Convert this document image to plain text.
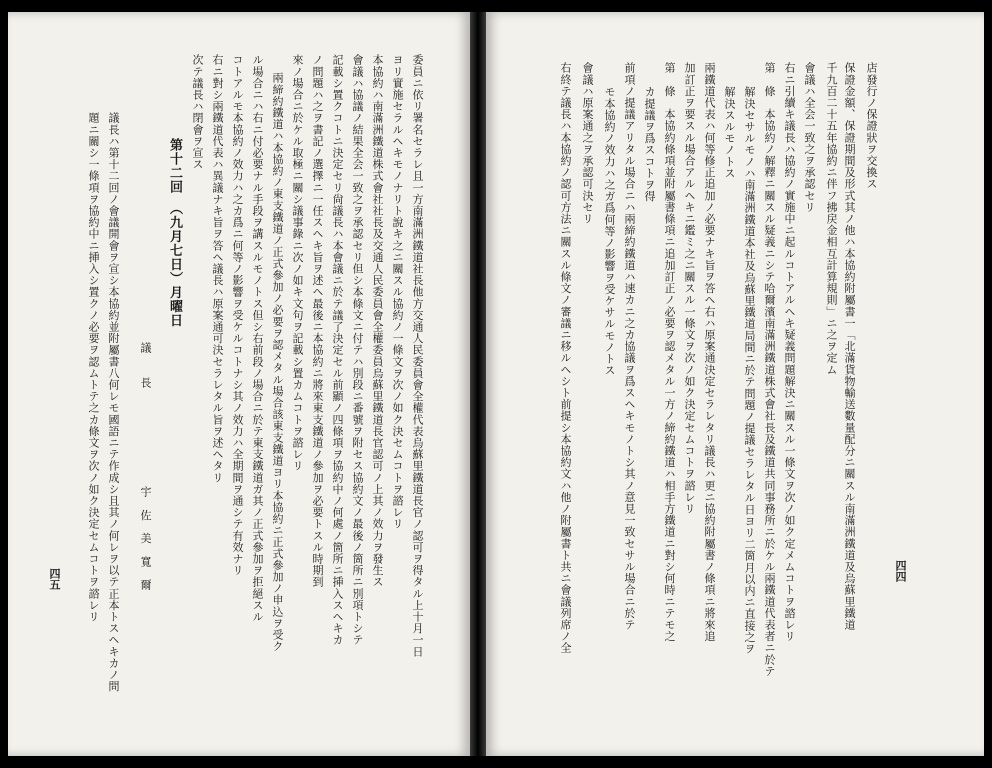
四四
店發行ノ保證狀ヲ交換ス
保證金額、保證期間及形式其ノ他ハ本協約附屬書一「北滿貨物輸送數量配分ニ關スル南滿洲鐵道及烏蘇里鐵道
千九百二十五年協約ニ伴フ拂戻金相互計算規則」ニ之ヲ定ム
會議ハ全会一致之ヲ承認セリ
右ニ引續キ議長ハ協約ノ實施中ニ起ルコトアルヘキ疑義問題解決ニ關スル一條文ヲ次ノ如ク定メムコトヲ諮レリ
第　條　本協約ノ解釋ニ關スル疑義ニシテ哈爾濱南滿洲鐵道株式會社長及鐵道共同事務所ニ於ケル兩鐵道代表者ニ於テ
解決セサルモノハ南滿洲鐵道本社及烏蘇里鐵道局間ニ於テ問題ノ提議セラレタル日ヨリ二箇月以内ニ直接之ヲ
解決スルモノトス
兩鐵道代表ハ何等修正追加ノ必要ナキ旨ヲ答ヘ右ハ原案通決定セラレタリ議長ハ更ニ協約附屬書ノ條項ニ將來追
加訂正ヲ要スル場合アルヘキニ鑑ミ之ニ關スル一條文ヲ次ノ如ク決定セムコトヲ諮レリ
第　條　本協約條項並附屬書條項ニ追加訂正ノ必要ヲ認メタル一方ノ締約鐵道ハ相手方鐵道ニ對シ何時ニテモ之
カ提議ヲ爲スコトヲ得
前項ノ提議アリタル場合ニハ兩締約鐵道ハ速カニ之カ協議ヲ爲スヘキモノトシ其ノ意見一致セサル場合ニ於テ
モ本協約ノ效力ハ之ガ爲何等ノ影響ヲ受ケサルモノトス
會議ハ原案通之ヲ承認可決セリ
右終テ議長ハ本協約ノ認可方法ニ關スル條文ノ審議ニ移ルヘシト前提シ本協約文ハ他ノ附屬書ト共ニ會議列席ノ全
四五	委員ニ依リ署名セラレ且一方南滿洲鐵道社長他方交通人民委員會全權代表烏蘇里鐵道長官ノ認可ヲ得タル上十月一日
ヨリ實施セラルヘキモノナリト說キ之ニ關スル協約ノ一條文ヲ次ノ如ク決セムコトヲ諮レリ
本協約ハ南滿洲鐵道株式會社社長及交通人民委員會全權委員烏蘇里鐵道長官認可ノ上其ノ效力ヲ發生ス
會議ハ協議ノ結果全会一致之ヲ承認セリ但シ本條文ニ付テハ別段ニ番號ヲ附セス協約文ノ最後ノ箇所ニ別項トシテ
記載シ置クコトニ決定セリ尙議長ハ本會議ニ於テ議了決定セル前顯ノ四條項ヲ協約中ノ何處ノ箇所ニ挿入スヘキカ
ノ問題ハ之ヲ書記ノ選擇ニ一任スヘキ旨ヲ述ヘ最後ニ本協約ニ將來東支鐵道ノ參加ヲ必要トスル時期到
來ノ場合ニ於ケル取極ニ關シ議事錄ニ次ノ如キ文句ヲ記載シ置カムコトヲ諮レリ
兩締約鐵道ハ本協約ノ東支鐵道ノ正式參加ノ必要ヲ認メタル場合該東支鐵道ヨリ本協約ニ正式參加ノ申込ヲ受ク
ル場合ニハ右ニ付必要ナル手段ヲ講スルモノトス但シ右前段ノ場合ニ於テ東支鐵道ガ其ノ正式參加ヲ拒絕スル
コトアルモ本協約ノ效力ハ之カ爲ニ何等ノ影響ヲ受ケルコトナシ其ノ效力ハ全期間ヲ通シテ有效ナリ
右ニ對シ兩鐵道代表ハ異議ナキ旨ヲ答ヘ議長ハ原案通可決セラレタル旨ヲ述ヘタリ
次テ議長ハ閉會ヲ宣ス
第十二回　（九月七日）月曜日
議　　長
宇　佐　美　寬　爾
議長ハ第十二回ノ會議開會ヲ宣シ本協約並附屬書八何レモ國語ニテ作成シ且其ノ何レヲ以テ正本トスヘキカノ問
題ニ關シ一條項ヲ協約中ニ挿入シ置クノ必要ヲ認ムトテ之カ條文ヲ次ノ如ク決定セムコトヲ諮レリ
